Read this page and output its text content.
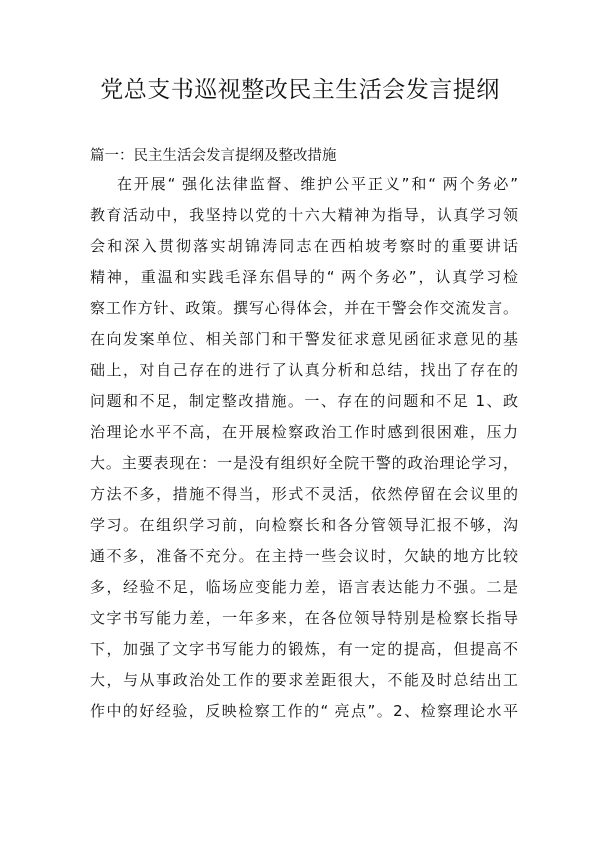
党总支书巡视整改民主生活会发言提纲
篇一：民主生活会发言提纲及整改措施
在开展“ 强化法律监督、维护公平正义”和“ 两个务必”
教育活动中，我坚持以党的十六大精神为指导，认真学习领
会和深入贯彻落实胡锦涛同志在西柏坡考察时的重要讲话
精神，重温和实践毛泽东倡导的“ 两个务必”，认真学习检
察工作方针、政策。撰写心得体会，并在干警会作交流发言。
在向发案单位、相关部门和干警发征求意见函征求意见的基
础上，对自己存在的进行了认真分析和总结，找出了存在的
问题和不足，制定整改措施。一、存在的问题和不足 1、政
治理论水平不高，在开展检察政治工作时感到很困难，压力
大。主要表现在：一是没有组织好全院干警的政治理论学习，
方法不多，措施不得当，形式不灵活，依然停留在会议里的
学习。在组织学习前，向检察长和各分管领导汇报不够，沟
通不多，准备不充分。在主持一些会议时，欠缺的地方比较
多，经验不足，临场应变能力差，语言表达能力不强。二是
文字书写能力差，一年多来，在各位领导特别是检察长指导
下，加强了文字书写能力的锻炼，有一定的提高，但提高不
大，与从事政治处工作的要求差距很大，不能及时总结出工
作中的好经验，反映检察工作的“ 亮点”。2、检察理论水平
